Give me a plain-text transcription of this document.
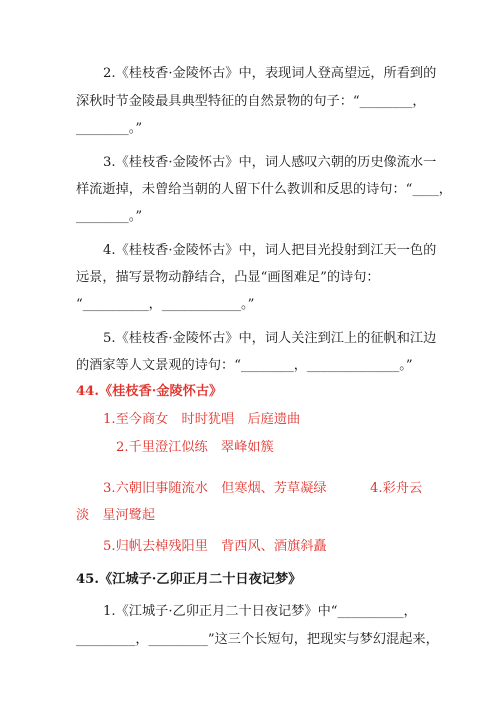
2.《桂枝香·金陵怀古》中，表现词人登高望远，所看到的
深秋时节金陵最具典型特征的自然景物的句子：“________，
________。”
3.《桂枝香·金陵怀古》中，词人感叹六朝的历史像流水一
样流逝掉，未曾给当朝的人留下什么教训和反思的诗句：“____，
________。”
4.《桂枝香·金陵怀古》中，词人把目光投射到江天一色的
远景，描写景物动静结合，凸显“画图难足”的诗句：
“__________，____________。”
5.《桂枝香·金陵怀古》中，词人关注到江上的征帆和江边
的酒家等人文景观的诗句：“________，______________。”
44.《桂枝香·金陵怀古》
1.至今商女　时时犹唱　后庭遗曲
2.千里澄江似练　翠峰如簇
3.六朝旧事随流水　但寒烟、芳草凝绿	4.彩舟云
淡　星河鹭起
5.归帆去棹残阳里　背西风、酒旗斜矗
45.《江城子·乙卯正月二十日夜记梦》
1.《江城子·乙卯正月二十日夜记梦》中“__________，
_________，_________”这三个长短句，把现实与梦幻混起来，
